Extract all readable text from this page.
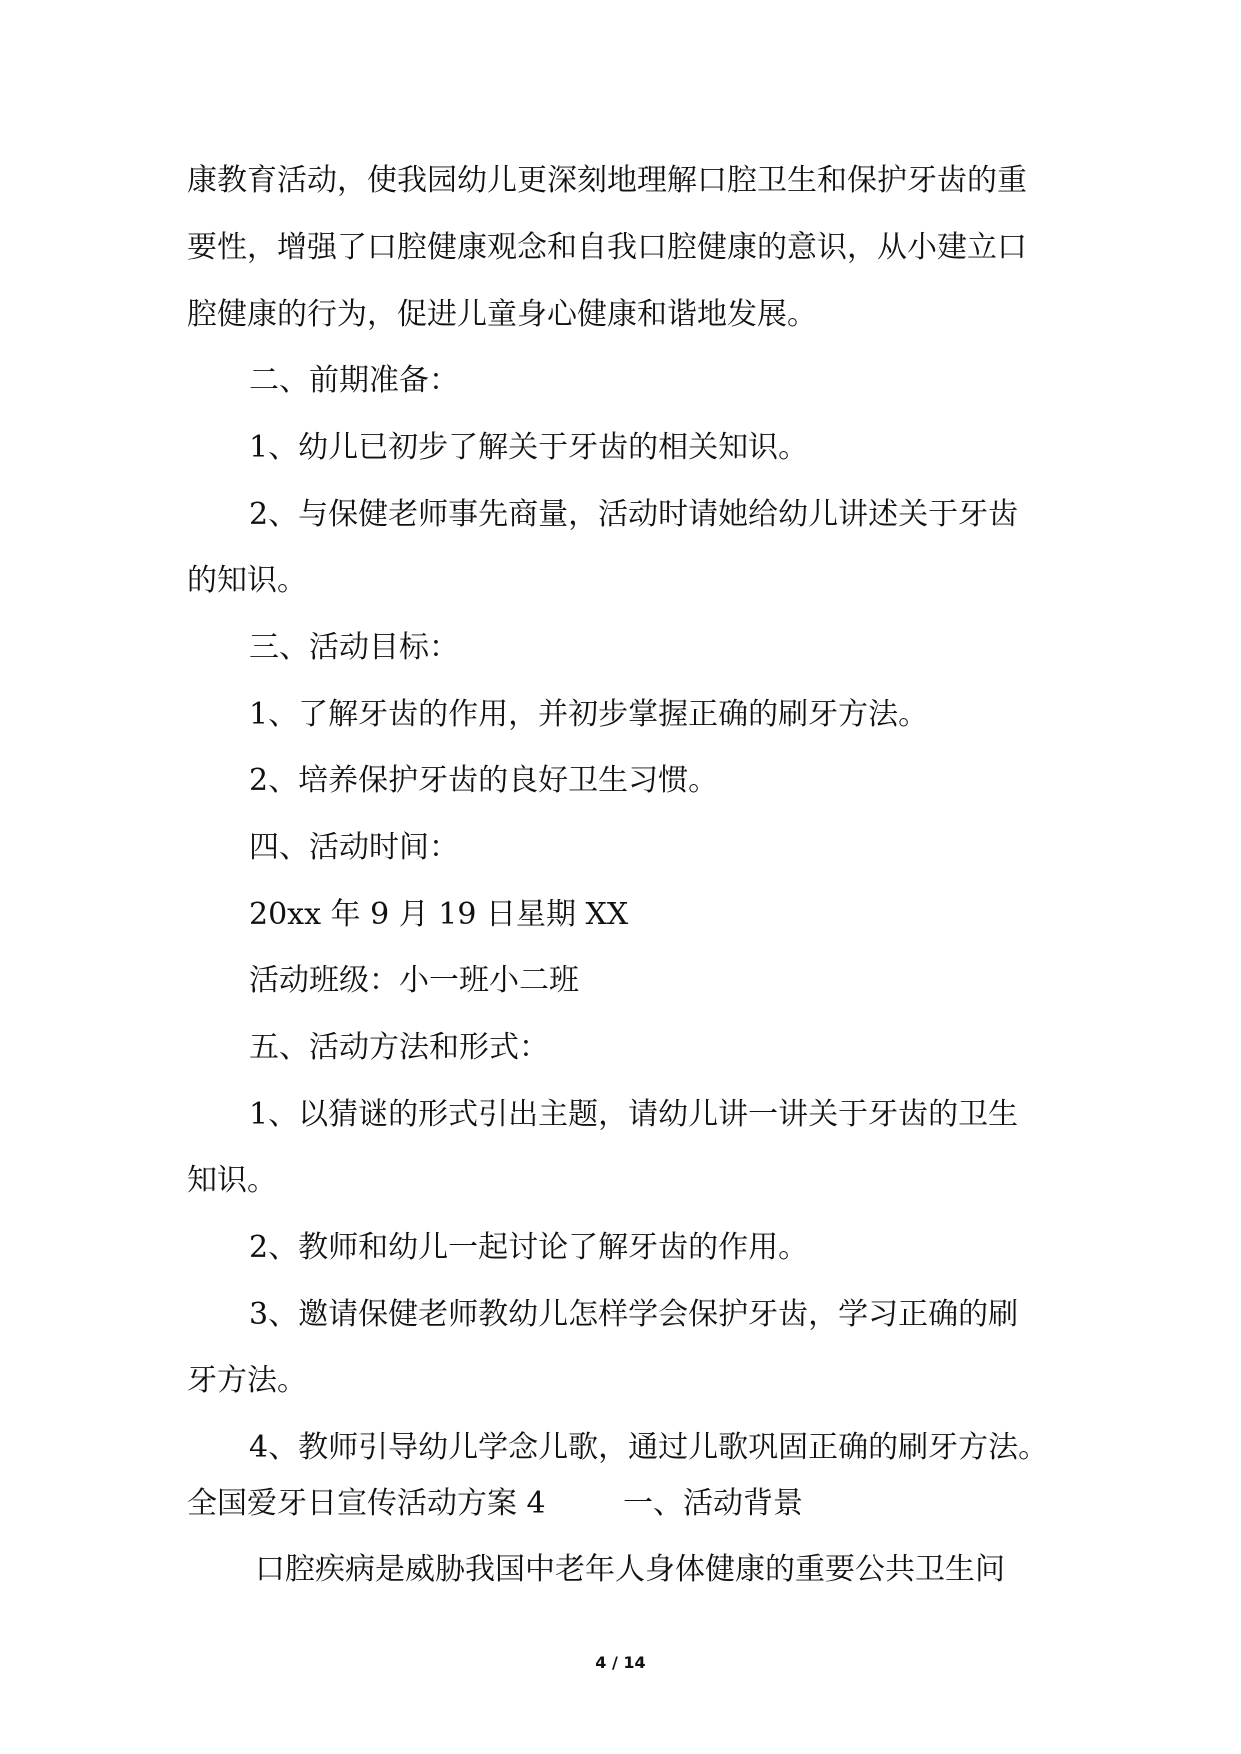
康教育活动，使我园幼儿更深刻地理解口腔卫生和保护牙齿的重
要性，增强了口腔健康观念和自我口腔健康的意识，从小建立口
腔健康的行为，促进儿童身心健康和谐地发展。
二、前期准备：
1、幼儿已初步了解关于牙齿的相关知识。
2、与保健老师事先商量，活动时请她给幼儿讲述关于牙齿
的知识。
三、活动目标：
1、了解牙齿的作用，并初步掌握正确的刷牙方法。
2、培养保护牙齿的良好卫生习惯。
四、活动时间：
20xx 年 9 月 19 日星期 XX
活动班级：小一班小二班
五、活动方法和形式：
1、以猜谜的形式引出主题，请幼儿讲一讲关于牙齿的卫生
知识。
2、教师和幼儿一起讨论了解牙齿的作用。
3、邀请保健老师教幼儿怎样学会保护牙齿，学习正确的刷
牙方法。
4、教师引导幼儿学念儿歌，通过儿歌巩固正确的刷牙方法。
全国爱牙日宣传活动方案 4	一、活动背景
口腔疾病是威胁我国中老年人身体健康的重要公共卫生问
4 / 14
